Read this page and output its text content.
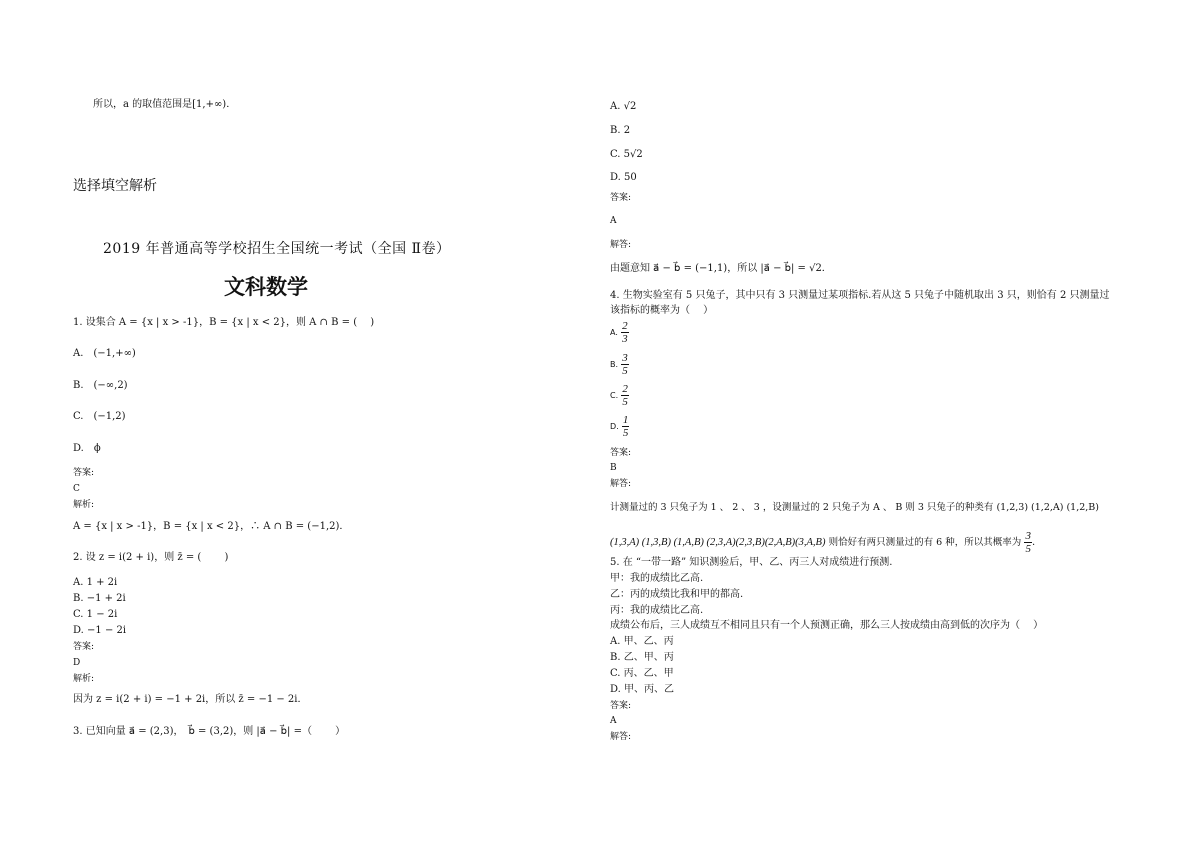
所以，a 的取值范围是[1,+∞)．
选择填空解析
2019 年普通高等学校招生全国统一考试（全国 Ⅱ卷）
文科数学
1. 设集合 A = {x | x > -1}，B = {x | x < 2}，则 A ∩ B = (　 )
A.　(−1,+∞)
B.　(−∞,2)
C.　(−1,2)
D.　ϕ
答案:
C
解析:
A = {x | x > -1}，B = {x | x < 2}，∴ A ∩ B = (−1,2)．
2. 设 z = i(2 + i)，则 z̄ = (　 　)
A. 1 + 2i
B. −1 + 2i
C. 1 − 2i
D. −1 − 2i
答案:
D
解析:
因为 z = i(2 + i) = −1 + 2i，所以 z̄ = −1 − 2i．
3. 已知向量 a⃗ = (2,3)，　b⃗ = (3,2)，则 |a⃗ − b⃗| =（　　 ）
A. √2
B. 2
C. 5√2
D. 50
答案:
A
解答:
由题意知 a⃗ − b⃗ = (−1,1)，所以 |a⃗ − b⃗| = √2．
4. 生物实验室有 5 只兔子，其中只有 3 只测量过某项指标.若从这 5 只兔子中随机取出 3 只，则恰有 2 只测量过
该指标的概率为（　 ）
A. $\frac{2}{3}$
B. $\frac{3}{5}$
C. $\frac{2}{5}$
D. $\frac{1}{5}$
答案:
B
解答:
计测量过的 3 只兔子为 1 、 2 、 3 ，设测量过的 2 只兔子为 A 、 B 则 3 只兔子的种类有 (1,2,3) (1,2,A) (1,2,B)
(1,3,A) (1,3,B) (1,A,B) (2,3,A)(2,3,B)(2,A,B)(3,A,B) 则恰好有两只测量过的有 6 种，所以其概率为 $\frac{3}{5}$ .
5. 在 “一带一路” 知识测验后，甲、乙、丙三人对成绩进行预测.
甲：我的成绩比乙高.
乙：丙的成绩比我和甲的都高.
丙：我的成绩比乙高.
成绩公布后，三人成绩互不相同且只有一个人预测正确，那么三人按成绩由高到低的次序为（　 ）
A. 甲、乙、丙
B. 乙、甲、丙
C. 丙、乙、甲
D. 甲、丙、乙
答案:
A
解答:
